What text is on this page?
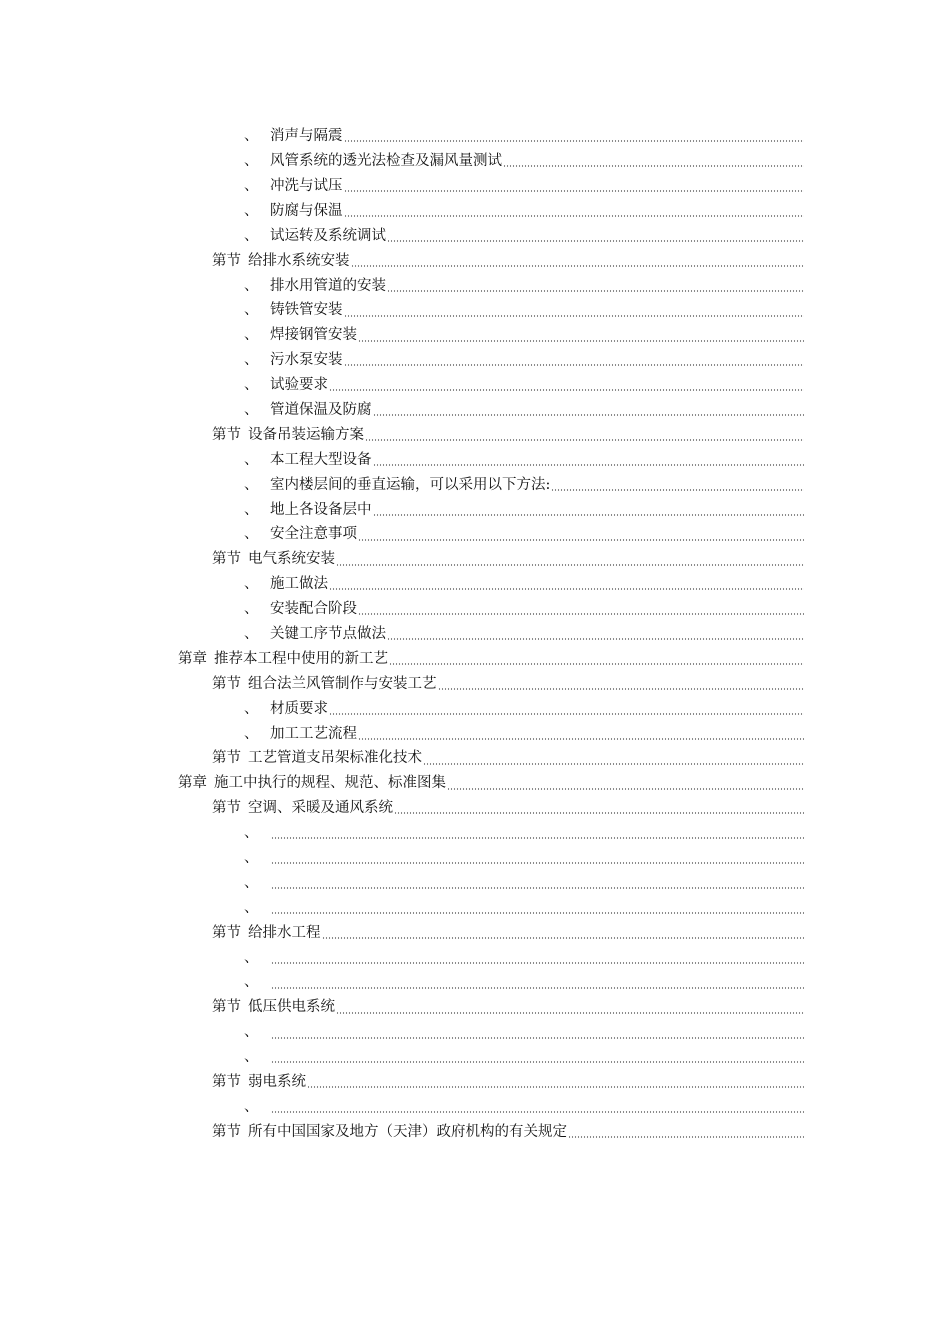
、 消声与隔震
、 风管系统的透光法检查及漏风量测试
、 冲洗与试压
、 防腐与保温
、 试运转及系统调试
第节 给排水系统安装
、 排水用管道的安装
、 铸铁管安装
、 焊接钢管安装
、 污水泵安装
、 试验要求
、 管道保温及防腐
第节 设备吊装运输方案
、 本工程大型设备
、 室内楼层间的垂直运输，可以采用以下方法:
、 地上各设备层中
、 安全注意事项
第节 电气系统安装
、 施工做法
、 安装配合阶段
、 关键工序节点做法
第章 推荐本工程中使用的新工艺
第节 组合法兰风管制作与安装工艺
、 材质要求
、 加工工艺流程
第节 工艺管道支吊架标准化技术
第章 施工中执行的规程、规范、标准图集
第节 空调、采暖及通风系统
、
、
、
、
第节 给排水工程
、
、
第节 低压供电系统
、
、
第节 弱电系统
、
第节 所有中国国家及地方（天津）政府机构的有关规定
